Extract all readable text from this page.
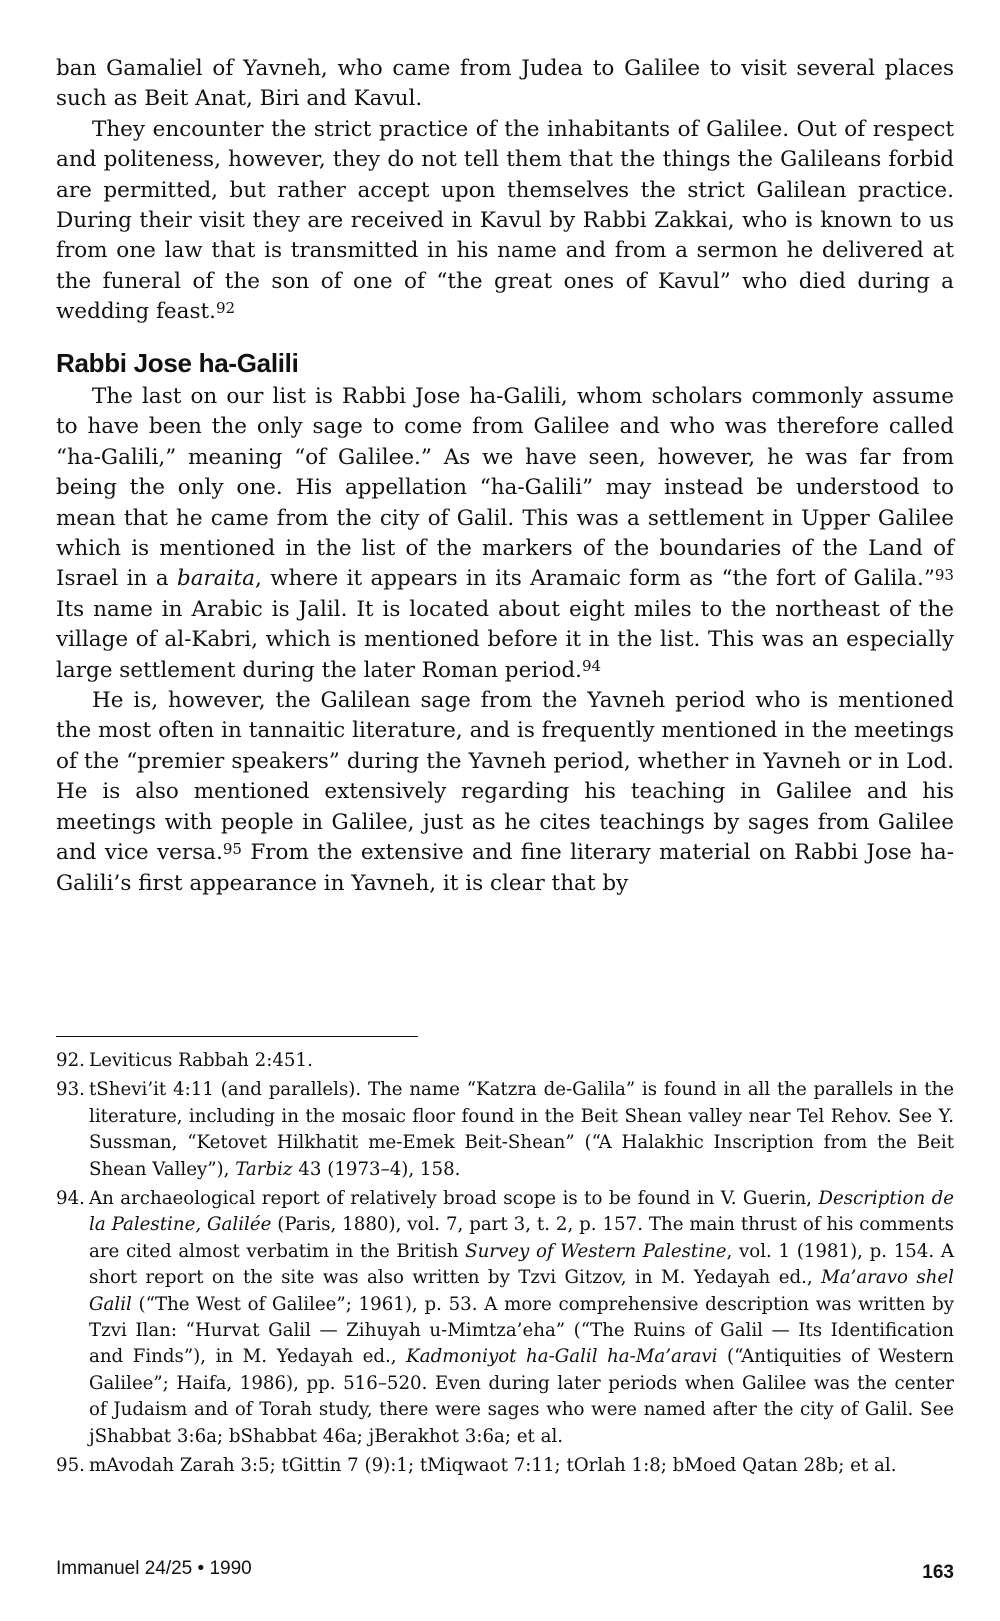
ban Gamaliel of Yavneh, who came from Judea to Galilee to visit several places such as Beit Anat, Biri and Kavul.

They encounter the strict practice of the inhabitants of Galilee. Out of respect and politeness, however, they do not tell them that the things the Galileans forbid are permitted, but rather accept upon themselves the strict Galilean practice. During their visit they are received in Kavul by Rabbi Zakkai, who is known to us from one law that is transmitted in his name and from a sermon he delivered at the funeral of the son of one of “the great ones of Kavul” who died during a wedding feast.$^{92}$

Rabbi Jose ha-Galili

The last on our list is Rabbi Jose ha-Galili, whom scholars commonly assume to have been the only sage to come from Galilee and who was therefore called “ha-Galili,” meaning “of Galilee.” As we have seen, however, he was far from being the only one. His appellation “ha-Galili” may instead be understood to mean that he came from the city of Galil. This was a settlement in Upper Galilee which is mentioned in the list of the markers of the boundaries of the Land of Israel in a baraita, where it appears in its Aramaic form as “the fort of Galila.”$^{93}$ Its name in Arabic is Jalil. It is located about eight miles to the northeast of the village of al-Kabri, which is mentioned before it in the list. This was an especially large settlement during the later Roman period.$^{94}$

He is, however, the Galilean sage from the Yavneh period who is mentioned the most often in tannaitic literature, and is frequently mentioned in the meetings of the “premier speakers” during the Yavneh period, whether in Yavneh or in Lod. He is also mentioned extensively regarding his teaching in Galilee and his meetings with people in Galilee, just as he cites teachings by sages from Galilee and vice versa.$^{95}$ From the extensive and fine literary material on Rabbi Jose ha-Galili’s first appearance in Yavneh, it is clear that by

92. Leviticus Rabbah 2:451.
93. tShevi’it 4:11 (and parallels). The name “Katzra de-Galila” is found in all the parallels in the literature, including in the mosaic floor found in the Beit Shean valley near Tel Rehov. See Y. Sussman, “Ketovet Hilkhatit me-Emek Beit-Shean” (“A Halakhic Inscription from the Beit Shean Valley”), Tarbiz 43 (1973–4), 158.
94. An archaeological report of relatively broad scope is to be found in V. Guerin, Description de la Palestine, Galilée (Paris, 1880), vol. 7, part 3, t. 2, p. 157. The main thrust of his comments are cited almost verbatim in the British Survey of Western Palestine, vol. 1 (1981), p. 154. A short report on the site was also written by Tzvi Gitzov, in M. Yedayah ed., Ma’aravo shel Galil (“The West of Galilee”; 1961), p. 53. A more comprehensive description was written by Tzvi Ilan: “Hurvat Galil — Zihuyah u-Mimtza’eha” (“The Ruins of Galil — Its Identification and Finds”), in M. Yedayah ed., Kadmoniyot ha-Galil ha-Ma’aravi (“Antiquities of Western Galilee”; Haifa, 1986), pp. 516–520. Even during later periods when Galilee was the center of Judaism and of Torah study, there were sages who were named after the city of Galil. See jShabbat 3:6a; bShabbat 46a; jBerakhot 3:6a; et al.
95. mAvodah Zarah 3:5; tGittin 7 (9):1; tMiqwaot 7:11; tOrlah 1:8; bMoed Qatan 28b; et al.
Immanuel 24/25 • 1990	163
